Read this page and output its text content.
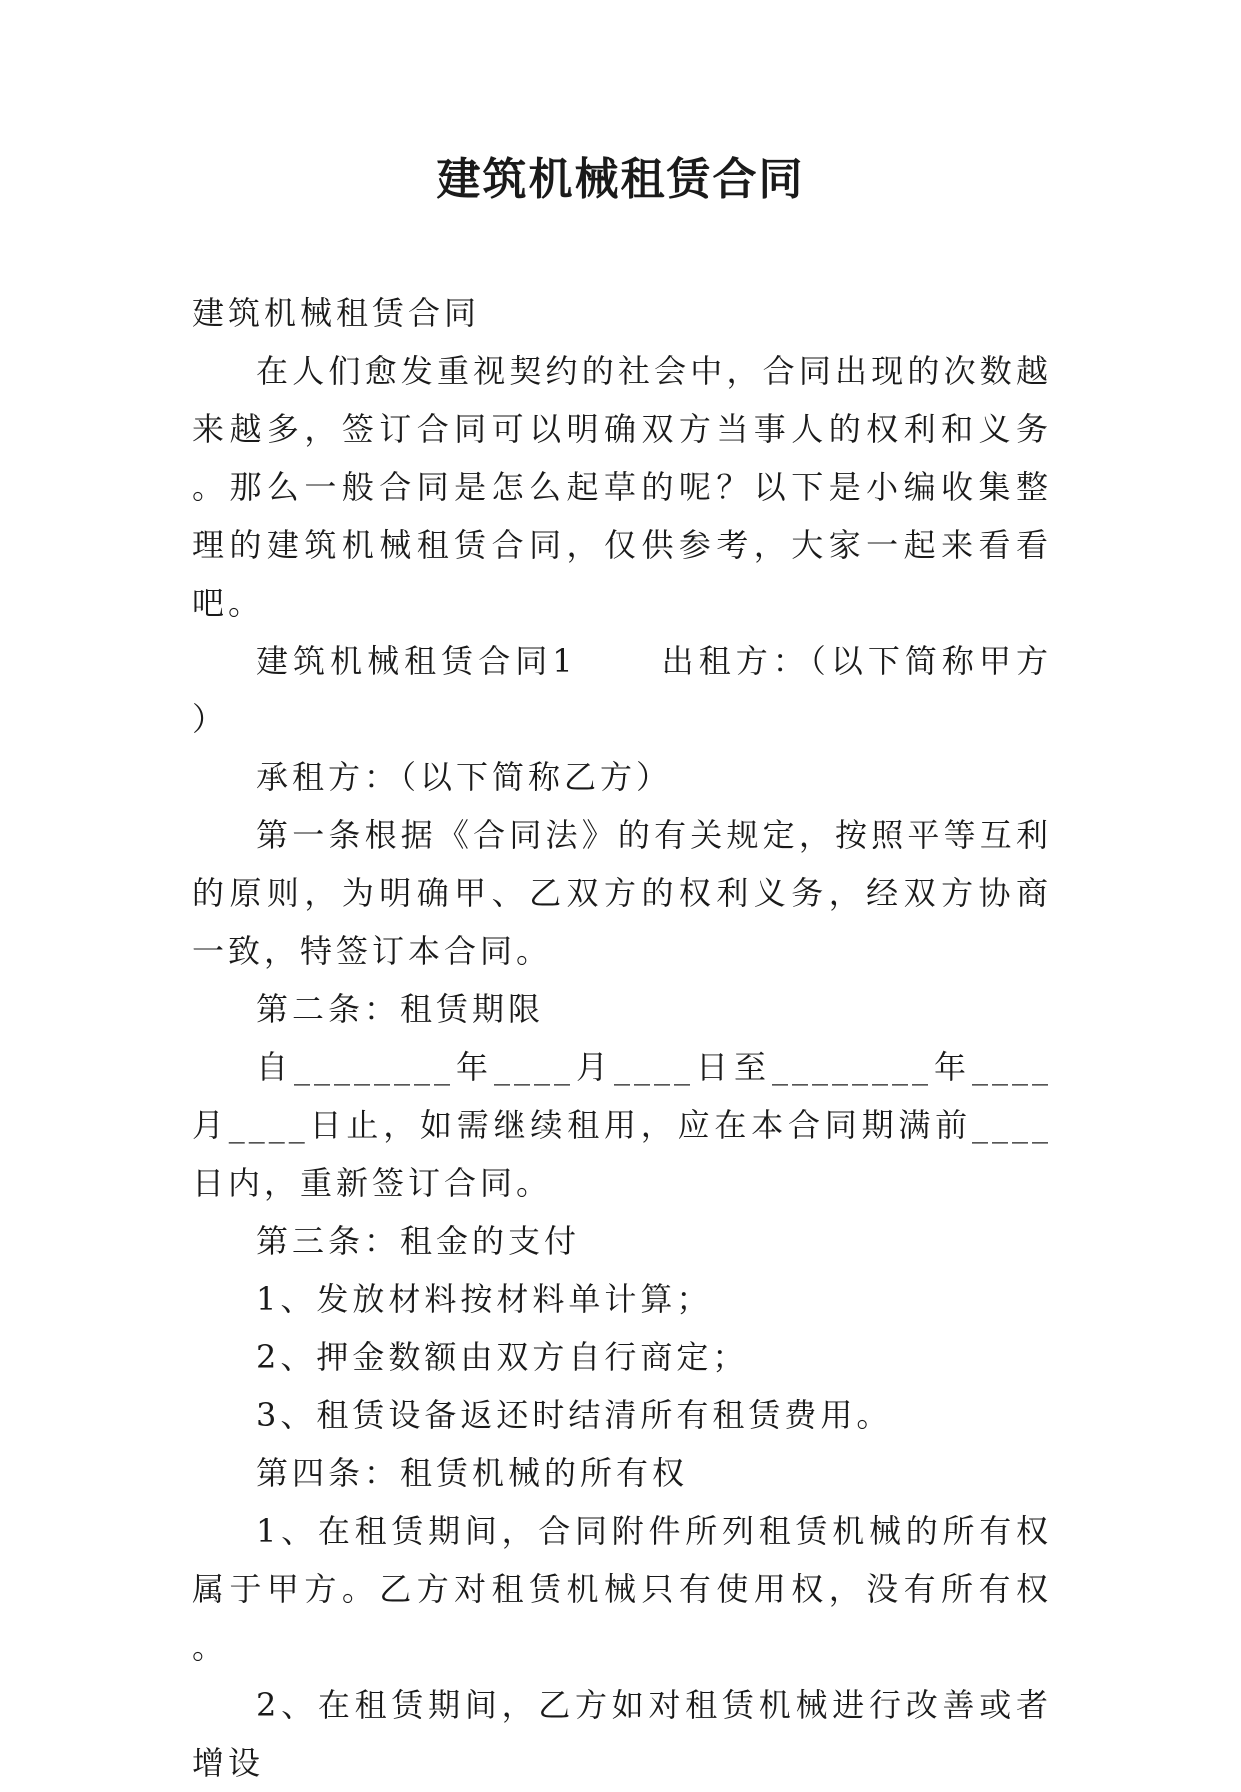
建筑机械租赁合同

建筑机械租赁合同

在人们愈发重视契约的社会中，合同出现的次数越来越多，签订合同可以明确双方当事人的权利和义务。那么一般合同是怎么起草的呢？以下是小编收集整理的建筑机械租赁合同，仅供参考，大家一起来看看吧。

建筑机械租赁合同1	出租方：（以下简称甲方）

承租方：（以下简称乙方）

第一条根据《合同法》的有关规定，按照平等互利的原则，为明确甲、乙双方的权利义务，经双方协商一致，特签订本合同。

第二条：租赁期限

自________年____月____日至________年____月____日止，如需继续租用，应在本合同期满前____日内，重新签订合同。

第三条：租金的支付

1、发放材料按材料单计算；

2、押金数额由双方自行商定；

3、租赁设备返还时结清所有租赁费用。

第四条：租赁机械的所有权

1、在租赁期间，合同附件所列租赁机械的所有权属于甲方。乙方对租赁机械只有使用权，没有所有权。

2、在租赁期间，乙方如对租赁机械进行改善或者增设
